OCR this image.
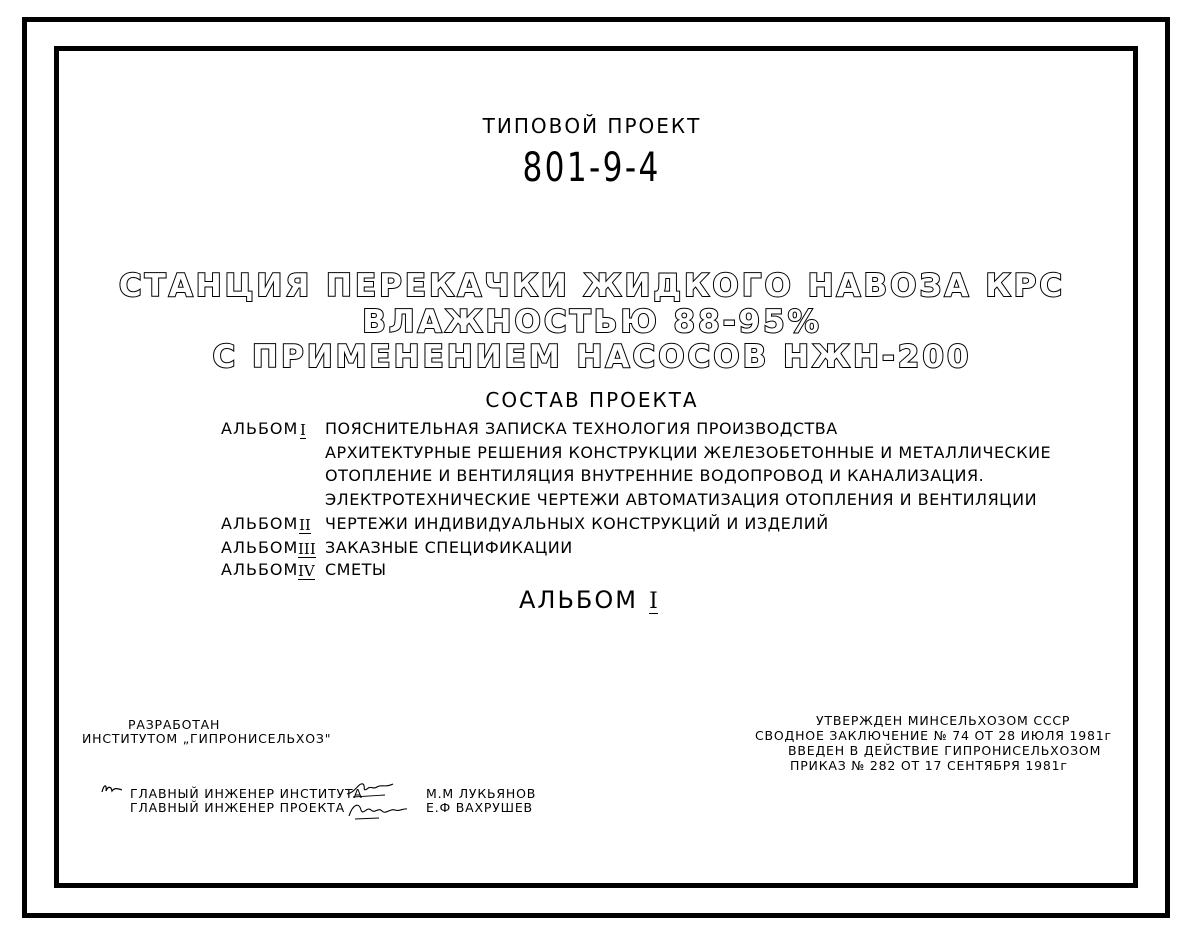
ТИПОВОЙ ПРОЕКТ
801-9-4
СТАНЦИЯ ПЕРЕКАЧКИ ЖИДКОГО НАВОЗА КРС
ВЛАЖНОСТЬЮ 88-95%
С ПРИМЕНЕНИЕМ НАСОСОВ НЖН-200
СОСТАВ ПРОЕКТА
АЛЬБОМ I ПОЯСНИТЕЛЬНАЯ ЗАПИСКА ТЕХНОЛОГИЯ ПРОИЗВОДСТВА
АРХИТЕКТУРНЫЕ РЕШЕНИЯ КОНСТРУКЦИИ ЖЕЛЕЗОБЕТОННЫЕ И МЕТАЛЛИЧЕСКИЕ
ОТОПЛЕНИЕ И ВЕНТИЛЯЦИЯ ВНУТРЕННИЕ ВОДОПРОВОД И КАНАЛИЗАЦИЯ.
ЭЛЕКТРОТЕХНИЧЕСКИЕ ЧЕРТЕЖИ АВТОМАТИЗАЦИЯ ОТОПЛЕНИЯ И ВЕНТИЛЯЦИИ
АЛЬБОМ II ЧЕРТЕЖИ ИНДИВИДУАЛЬНЫХ КОНСТРУКЦИЙ И ИЗДЕЛИЙ
АЛЬБОМ III ЗАКАЗНЫЕ СПЕЦИФИКАЦИИ
АЛЬБОМ IV СМЕТЫ
АЛЬБОМ I
РАЗРАБОТАН
ИНСТИТУТОМ „ГИПРОНИСЕЛЬХОЗ"
УТВЕРЖДЕН МИНСЕЛЬХОЗОМ СССР
СВОДНОЕ ЗАКЛЮЧЕНИЕ № 74 ОТ 28 ИЮЛЯ 1981г
ВВЕДЕН В ДЕЙСТВИЕ ГИПРОНИСЕЛЬХОЗОМ
ПРИКАЗ № 282 ОТ 17 СЕНТЯБРЯ 1981г
ГЛАВНЫЙ ИНЖЕНЕР ИНСТИТУТА	М.М ЛУКЬЯНОВ
ГЛАВНЫЙ ИНЖЕНЕР ПРОЕКТА	Е.Ф ВАХРУШЕВ
